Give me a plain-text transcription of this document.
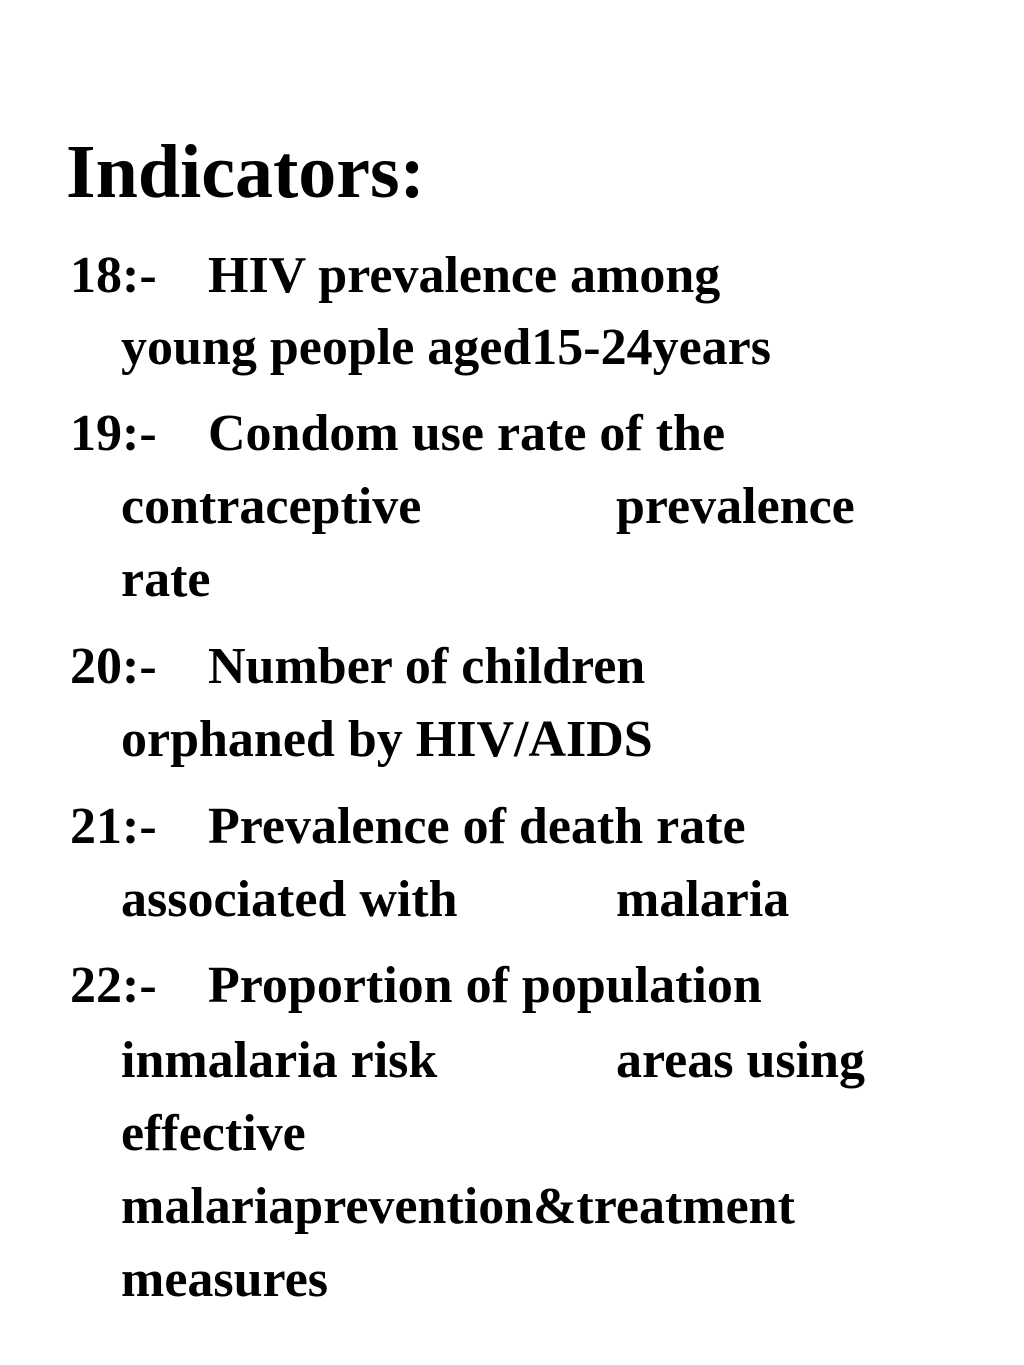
Indicators:
18:- HIV prevalence among
young people aged15-24years
19:- Condom use rate of the
contraceptive	prevalence
rate
20:- Number of children
orphaned by HIV/AIDS
21:- Prevalence of death rate
associated with	malaria
22:- Proportion of population
inmalaria risk	areas using
effective
malariaprevention&treatment
measures
